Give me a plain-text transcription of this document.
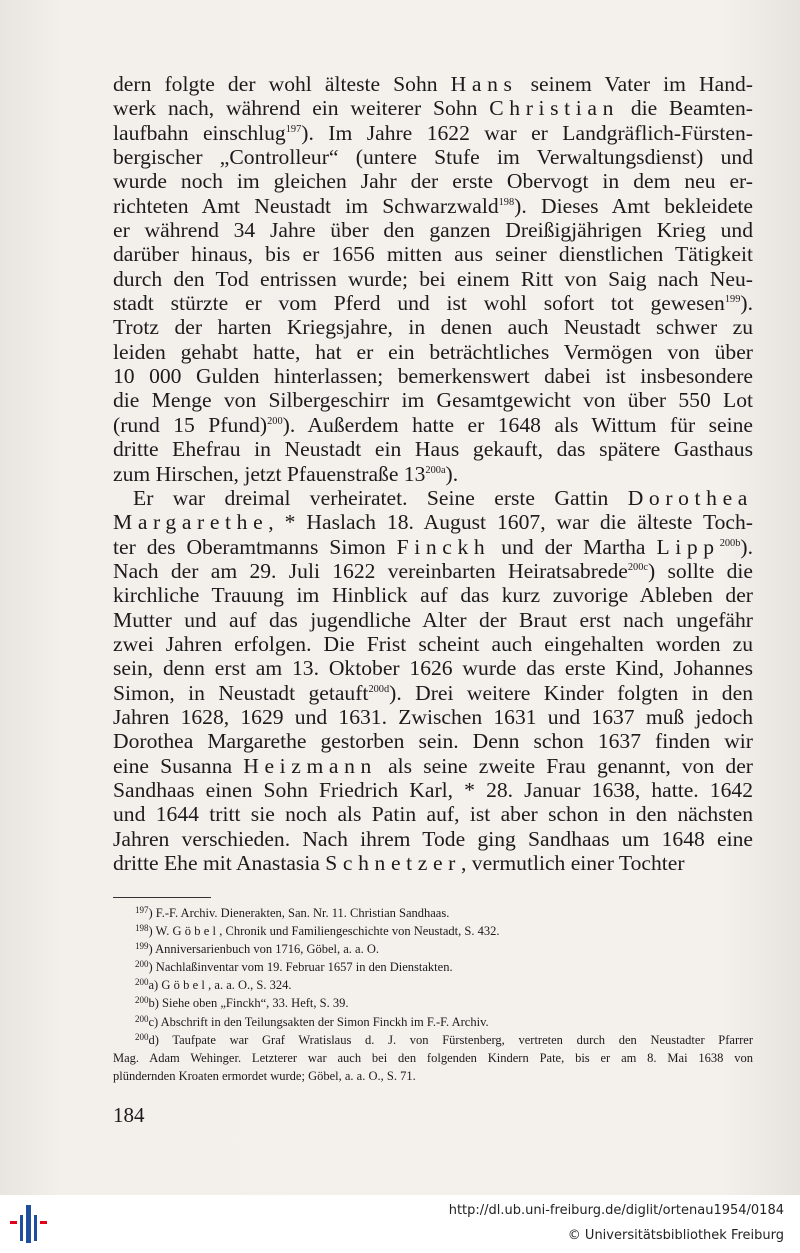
dern folgte der wohl älteste Sohn Hans seinem Vater im Hand-
werk nach, während ein weiterer Sohn Christian die Beamten-
laufbahn einschlug$^{197}$). Im Jahre 1622 war er Landgräflich-Fürsten-
bergischer „Controlleur“ (untere Stufe im Verwaltungsdienst) und
wurde noch im gleichen Jahr der erste Obervogt in dem neu er-
richteten Amt Neustadt im Schwarzwald$^{198}$). Dieses Amt bekleidete
er während 34 Jahre über den ganzen Dreißigjährigen Krieg und
darüber hinaus, bis er 1656 mitten aus seiner dienstlichen Tätigkeit
durch den Tod entrissen wurde; bei einem Ritt von Saig nach Neu-
stadt stürzte er vom Pferd und ist wohl sofort tot gewesen$^{199}$).
Trotz der harten Kriegsjahre, in denen auch Neustadt schwer zu
leiden gehabt hatte, hat er ein beträchtliches Vermögen von über
10 000 Gulden hinterlassen; bemerkenswert dabei ist insbesondere
die Menge von Silbergeschirr im Gesamtgewicht von über 550 Lot
(rund 15 Pfund)$^{200}$). Außerdem hatte er 1648 als Wittum für seine
dritte Ehefrau in Neustadt ein Haus gekauft, das spätere Gasthaus
zum Hirschen, jetzt Pfauenstraße $13^{200a}$).
Er war dreimal verheiratet. Seine erste Gattin Dorothea
Margarethe, * Haslach 18. August 1607, war die älteste Toch-
ter des Oberamtmanns Simon Finckh und der Martha Lipp$^{200b}$).
Nach der am 29. Juli 1622 vereinbarten Heiratsabrede$^{200c}$) sollte die
kirchliche Trauung im Hinblick auf das kurz zuvorige Ableben der
Mutter und auf das jugendliche Alter der Braut erst nach ungefähr
zwei Jahren erfolgen. Die Frist scheint auch eingehalten worden zu
sein, denn erst am 13. Oktober 1626 wurde das erste Kind, Johannes
Simon, in Neustadt getauft$^{200d}$). Drei weitere Kinder folgten in den
Jahren 1628, 1629 und 1631. Zwischen 1631 und 1637 muß jedoch
Dorothea Margarethe gestorben sein. Denn schon 1637 finden wir
eine Susanna Heizmann als seine zweite Frau genannt, von der
Sandhaas einen Sohn Friedrich Karl, * 28. Januar 1638, hatte. 1642
und 1644 tritt sie noch als Patin auf, ist aber schon in den nächsten
Jahren verschieden. Nach ihrem Tode ging Sandhaas um 1648 eine
dritte Ehe mit Anastasia Schnetzer, vermutlich einer Tochter
$^{197}$) F.-F. Archiv. Dienerakten, San. Nr. 11. Christian Sandhaas.
$^{198}$) W. Göbel, Chronik und Familiengeschichte von Neustadt, S. 432.
$^{199}$) Anniversarienbuch von 1716, Göbel, a. a. O.
$^{200}$) Nachlaßinventar vom 19. Februar 1657 in den Dienstakten.
$^{200}$a) Göbel, a. a. O., S. 324.
$^{200}$b) Siehe oben „Finckh“, 33. Heft, S. 39.
$^{200}$c) Abschrift in den Teilungsakten der Simon Finckh im F.-F. Archiv.
$^{200}$d) Taufpate war Graf Wratislaus d. J. von Fürstenberg, vertreten durch den Neustadter Pfarrer
Mag. Adam Wehinger. Letzterer war auch bei den folgenden Kindern Pate, bis er am 8. Mai 1638 von
plündernden Kroaten ermordet wurde; Göbel, a. a. O., S. 71.
184
http://dl.ub.uni-freiburg.de/diglit/ortenau1954/0184
© Universitätsbibliothek Freiburg
